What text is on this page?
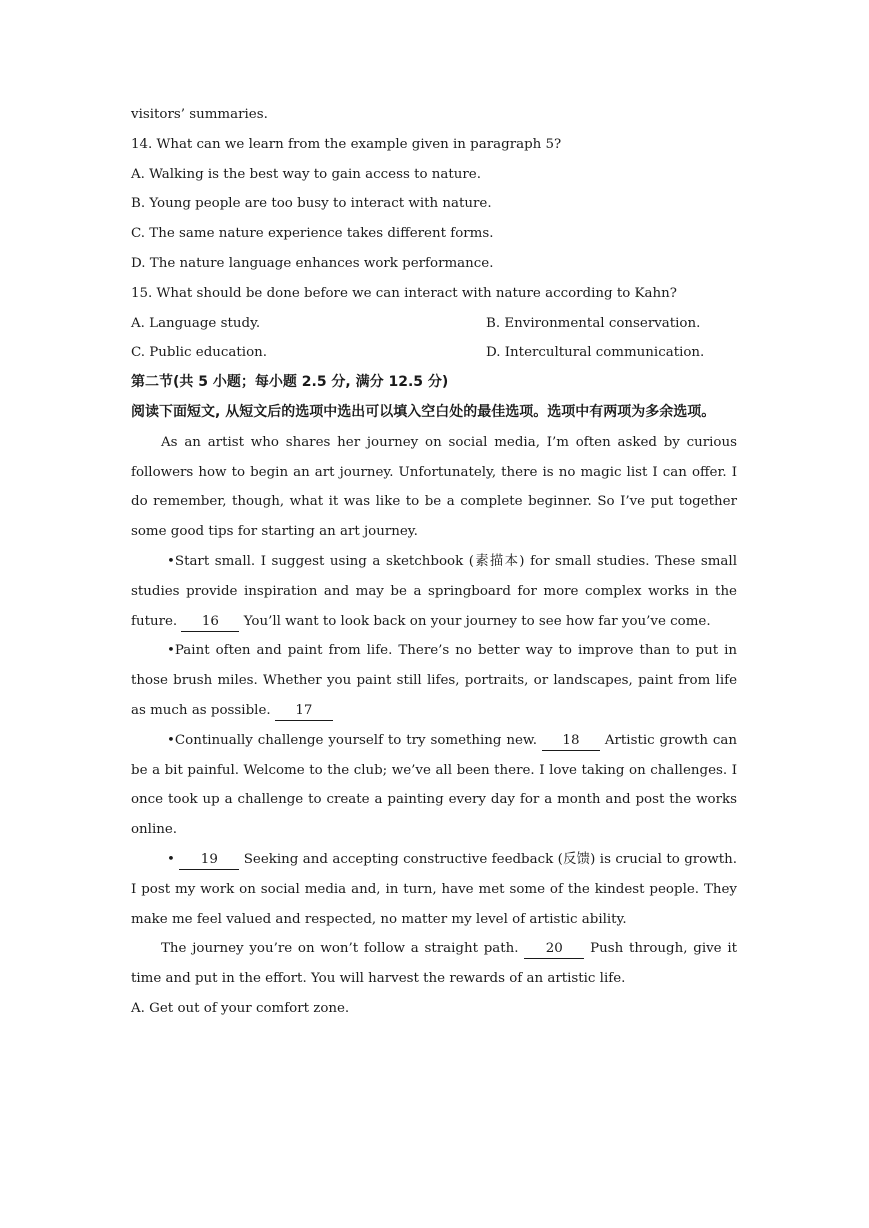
visitors’ summaries.
14. What can we learn from the example given in paragraph 5?
A. Walking is the best way to gain access to nature.
B. Young people are too busy to interact with nature.
C. The same nature experience takes different forms.
D. The nature language enhances work performance.
15. What should be done before we can interact with nature according to Kahn?
A. Language study.	B. Environmental conservation.
C. Public education.	D. Intercultural communication.
第二节(共 5 小题；每小题 2.5 分, 满分 12.5 分)
阅读下面短文, 从短文后的选项中选出可以填入空白处的最佳选项。选项中有两项为多余选项。
As an artist who shares her journey on social media, I’m often asked by curious followers how to begin an art journey. Unfortunately, there is no magic list I can offer. I do remember, though, what it was like to be a complete beginner. So I’ve put together some good tips for starting an art journey.
•Start small. I suggest using a sketchbook (素描本) for small studies. These small studies provide inspiration and may be a springboard for more complex works in the future. 16 You’ll want to look back on your journey to see how far you’ve come.
•Paint often and paint from life. There’s no better way to improve than to put in those brush miles. Whether you paint still lifes, portraits, or landscapes, paint from life as much as possible. 17
•Continually challenge yourself to try something new. 18 Artistic growth can be a bit painful. Welcome to the club; we’ve all been there. I love taking on challenges. I once took up a challenge to create a painting every day for a month and post the works online.
• 19 Seeking and accepting constructive feedback (反馈) is crucial to growth. I post my work on social media and, in turn, have met some of the kindest people. They make me feel valued and respected, no matter my level of artistic ability.
The journey you’re on won’t follow a straight path. 20 Push through, give it time and put in the effort. You will harvest the rewards of an artistic life.
A. Get out of your comfort zone.
